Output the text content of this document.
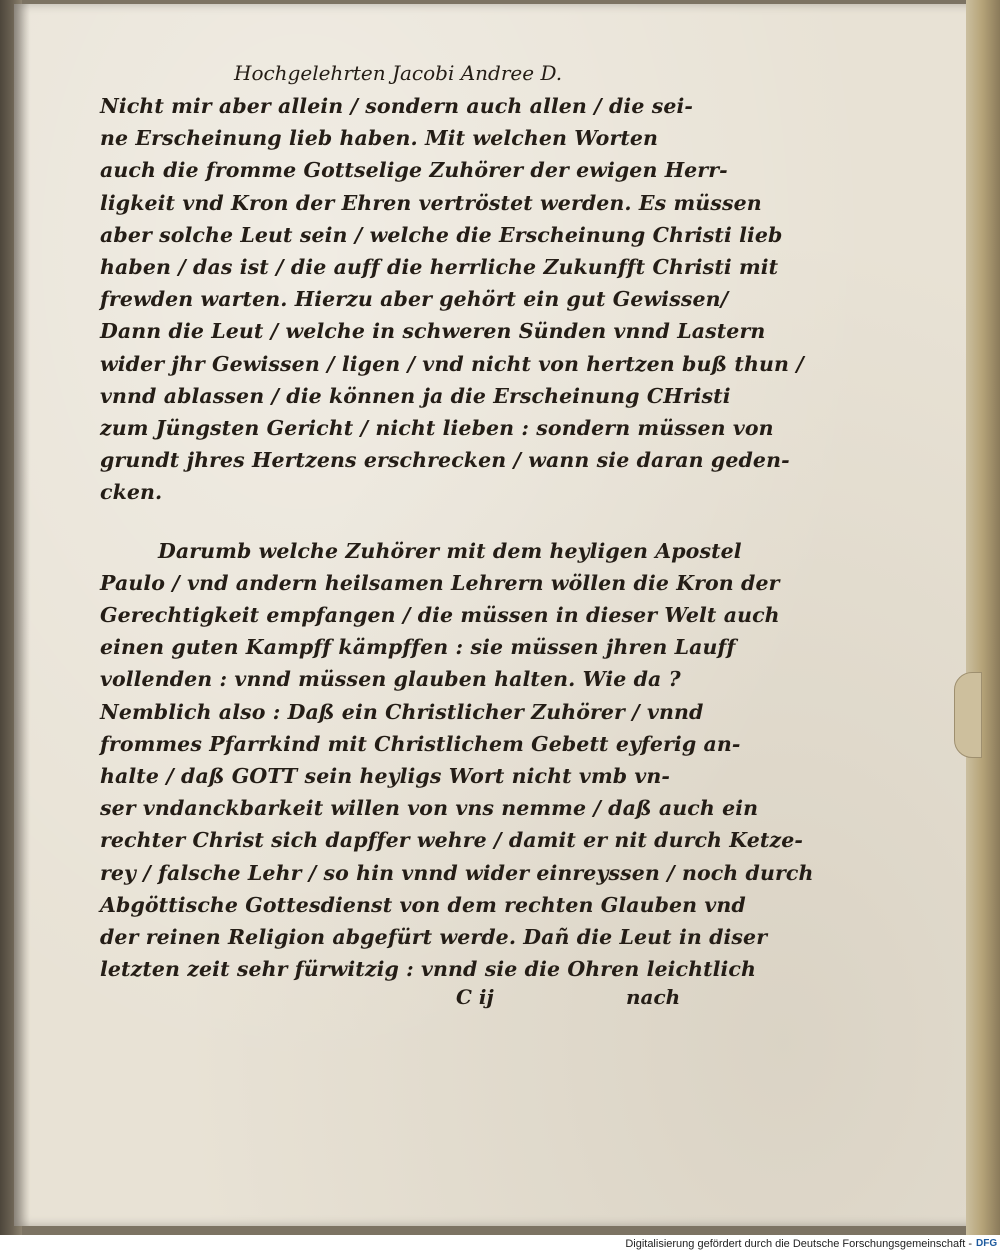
Hochgelehrten Jacobi Andree D.
Nicht mir aber allein / sondern auch allen / die sei-
ne Erscheinung lieb haben. Mit welchen Worten
auch die fromme Gottselige Zuhörer der ewigen Herr-
ligkeit vnd Kron der Ehren vertröstet werden. Es müssen
aber solche Leut sein / welche die Erscheinung Christi lieb
haben / das ist / die auff die herrliche Zukunfft Christi mit
frewden warten. Hierzu aber gehört ein gut Gewissen/
Dann die Leut / welche in schweren Sünden vnnd Lastern
wider jhr Gewissen / ligen / vnd nicht von hertzen buß thun /
vnnd ablassen / die können ja die Erscheinung CHristi
zum Jüngsten Gericht / nicht lieben : sondern müssen von
grundt jhres Hertzens erschrecken / wann sie daran geden-
cken.
Darumb welche Zuhörer mit dem heyligen Apostel
Paulo / vnd andern heilsamen Lehrern wöllen die Kron der
Gerechtigkeit empfangen / die müssen in dieser Welt auch
einen guten Kampff kämpffen : sie müssen jhren Lauff
vollenden : vnnd müssen glauben halten. Wie da ?
Nemblich also : Daß ein Christlicher Zuhörer / vnnd
frommes Pfarrkind mit Christlichem Gebett eyferig an-
halte / daß GOTT sein heyligs Wort nicht vmb vn-
ser vndanckbarkeit willen von vns nemme / daß auch ein
rechter Christ sich dapffer wehre / damit er nit durch Ketze-
rey / falsche Lehr / so hin vnnd wider einreyssen / noch durch
Abgöttische Gottesdienst von dem rechten Glauben vnd
der reinen Religion abgefürt werde. Dañ die Leut in diser
letzten zeit sehr fürwitzig : vnnd sie die Ohren leichtlich
C ij	nach
Digitalisierung gefördert durch die Deutsche Forschungsgemeinschaft - DFG
